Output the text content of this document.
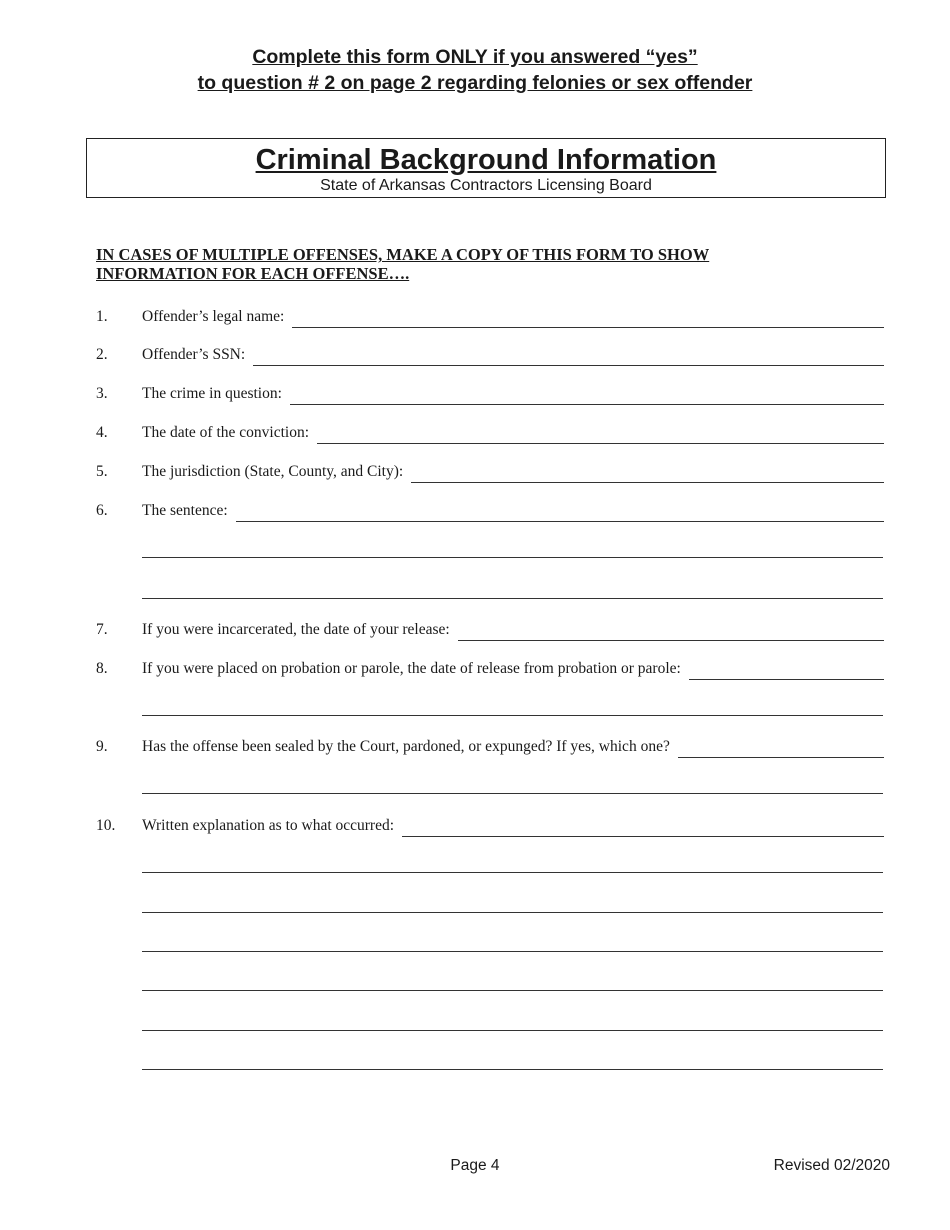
Complete this form ONLY if you answered “yes”
to question # 2 on page 2 regarding felonies or sex offender
Criminal Background Information
State of Arkansas Contractors Licensing Board
IN CASES OF MULTIPLE OFFENSES, MAKE A COPY OF THIS FORM TO SHOW
INFORMATION FOR EACH OFFENSE….
1. Offender’s legal name:
2. Offender’s SSN:
3. The crime in question:
4. The date of the conviction:
5. The jurisdiction (State, County, and City):
6. The sentence:
7. If you were incarcerated, the date of your release:
8. If you were placed on probation or parole, the date of release from probation or parole:
9. Has the offense been sealed by the Court, pardoned, or expunged? If yes, which one?
10. Written explanation as to what occurred:
Page 4	Revised 02/2020
